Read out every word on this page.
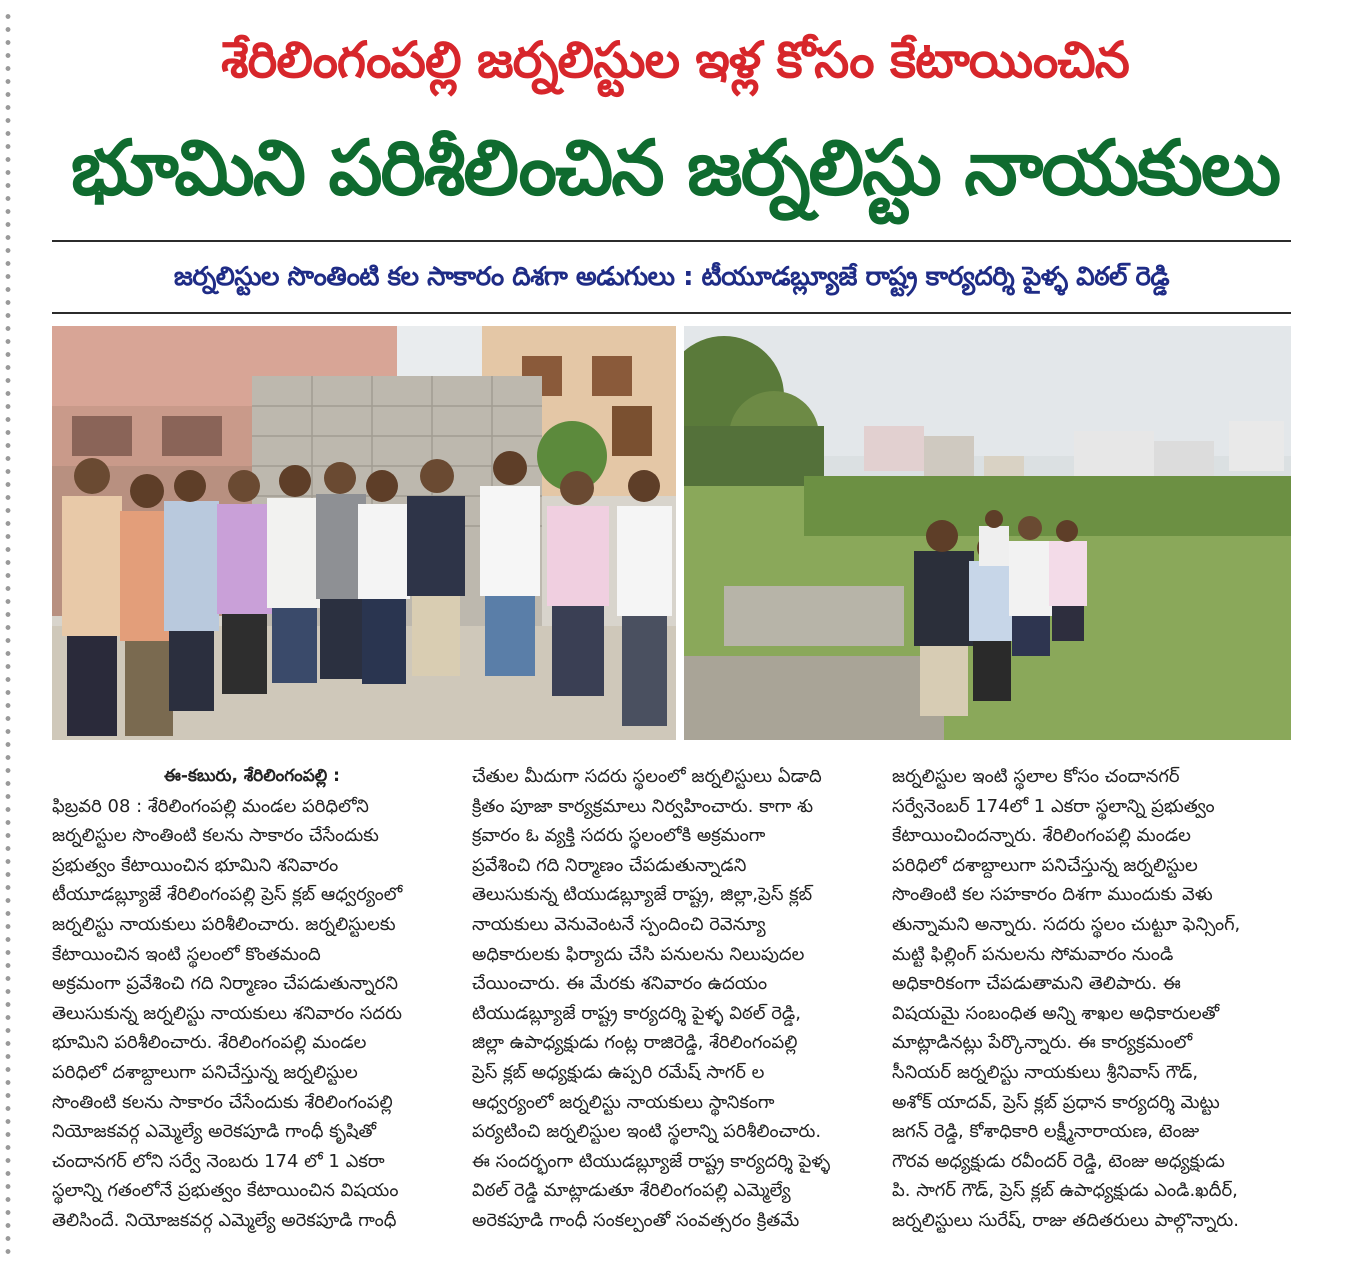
శేరిలింగంపల్లి జర్నలిస్టుల ఇళ్ల కోసం కేటాయించిన
భూమిని పరిశీలించిన జర్నలిస్టు నాయకులు
జర్నలిస్టుల సొంతింటి కల సాకారం దిశగా అడుగులు : టీయూడబ్ల్యూజే రాష్ట్ర కార్యదర్శి పైళ్ళ విఠల్ రెడ్డి
ఈ-కబురు, శేరిలింగంపల్లి :
ఫిబ్రవరి 08 : శేరిలింగంపల్లి మండల పరిధిలోని
జర్నలిస్టుల సొంతింటి కలను సాకారం చేసేందుకు
ప్రభుత్వం కేటాయించిన భూమిని శనివారం
టీయూడబ్ల్యూజే శేరిలింగంపల్లి ప్రెస్ క్లబ్ ఆధ్వర్యంలో
జర్నలిస్టు నాయకులు పరిశీలించారు. జర్నలిస్టులకు
కేటాయించిన ఇంటి స్థలంలో కొంతమంది
అక్రమంగా ప్రవేశించి గది నిర్మాణం చేపడుతున్నారని
తెలుసుకున్న జర్నలిస్టు నాయకులు శనివారం సదరు
భూమిని పరిశీలించారు. శేరిలింగంపల్లి మండల
పరిధిలో దశాబ్దాలుగా పనిచేస్తున్న జర్నలిస్టుల
సొంతింటి కలను సాకారం చేసేందుకు శేరిలింగంపల్లి
నియోజకవర్గ ఎమ్మెల్యే అరెకపూడి గాంధీ కృషితో
చందానగర్ లోని సర్వే నెంబరు 174 లో 1 ఎకరా
స్థలాన్ని గతంలోనే ప్రభుత్వం కేటాయించిన విషయం
తెలిసిందే. నియోజకవర్గ ఎమ్మెల్యే అరెకపూడి గాంధీ
చేతుల మీదుగా సదరు స్థలంలో జర్నలిస్టులు ఏడాది
క్రితం పూజా కార్యక్రమాలు నిర్వహించారు. కాగా శు
క్రవారం ఓ వ్యక్తి సదరు స్థలంలోకి అక్రమంగా
ప్రవేశించి గది నిర్మాణం చేపడుతున్నాడని
తెలుసుకున్న టియుడబ్ల్యూజే రాష్ట్ర, జిల్లా,ప్రెస్ క్లబ్
నాయకులు వెనువెంటనే స్పందించి రెవెన్యూ
అధికారులకు ఫిర్యాదు చేసి పనులను నిలుపుదల
చేయించారు. ఈ మేరకు శనివారం ఉదయం
టియుడబ్ల్యూజే రాష్ట్ర కార్యదర్శి పైళ్ళ విఠల్ రెడ్డి,
జిల్లా ఉపాధ్యక్షుడు గంట్ల రాజిరెడ్డి, శేరిలింగంపల్లి
ప్రెస్ క్లబ్ అధ్యక్షుడు ఉప్పరి రమేష్ సాగర్ ల
ఆధ్వర్యంలో జర్నలిస్టు నాయకులు స్థానికంగా
పర్యటించి జర్నలిస్టుల ఇంటి స్థలాన్ని పరిశీలించారు.
ఈ సందర్భంగా టియుడబ్ల్యూజే రాష్ట్ర కార్యదర్శి పైళ్ళ
విఠల్ రెడ్డి మాట్లాడుతూ శేరిలింగంపల్లి ఎమ్మెల్యే
అరెకపూడి గాంధీ సంకల్పంతో సంవత్సరం క్రితమే
జర్నలిస్టుల ఇంటి స్థలాల కోసం చందానగర్
సర్వేనెంబర్ 174లో 1 ఎకరా స్థలాన్ని ప్రభుత్వం
కేటాయించిందన్నారు. శేరిలింగంపల్లి మండల
పరిధిలో దశాబ్దాలుగా పనిచేస్తున్న జర్నలిస్టుల
సొంతింటి కల సహకారం దిశగా ముందుకు వెళు
తున్నామని అన్నారు. సదరు స్థలం చుట్టూ ఫెన్సింగ్,
మట్టి ఫిల్లింగ్ పనులను సోమవారం నుండి
అధికారికంగా చేపడుతామని తెలిపారు. ఈ
విషయమై సంబంధిత అన్ని శాఖల అధికారులతో
మాట్లాడినట్లు పేర్కొన్నారు. ఈ కార్యక్రమంలో
సీనియర్ జర్నలిస్టు నాయకులు శ్రీనివాస్ గౌడ్,
అశోక్ యాదవ్, ప్రెస్ క్లబ్ ప్రధాన కార్యదర్శి మెట్టు
జగన్ రెడ్డి, కోశాధికారి లక్ష్మీనారాయణ, టెంజు
గౌరవ అధ్యక్షుడు రవీందర్ రెడ్డి, టెంజు అధ్యక్షుడు
పి. సాగర్ గౌడ్, ప్రెస్ క్లబ్ ఉపాధ్యక్షుడు ఎండి.ఖదీర్,
జర్నలిస్టులు సురేష్, రాజు తదితరులు పాల్గొన్నారు.
